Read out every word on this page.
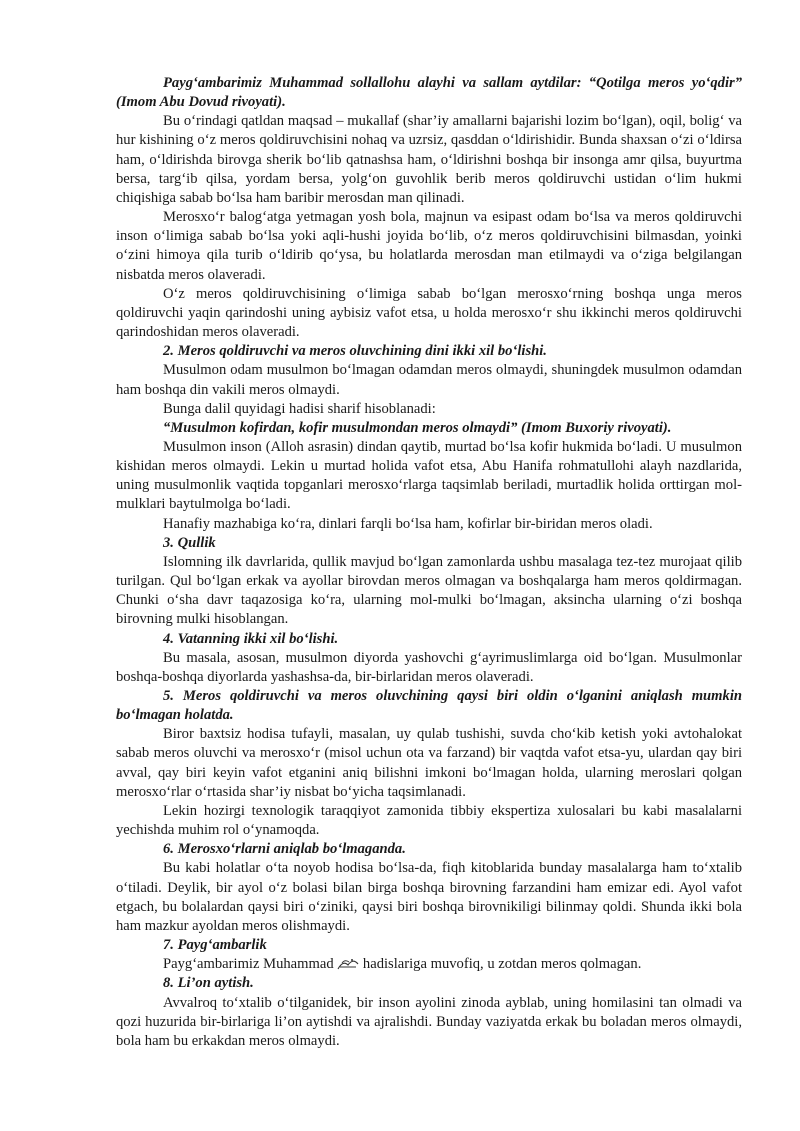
Payg‘ambarimiz Muhammad sollallohu alayhi va sallam aytdilar: “Qotilga meros yo‘qdir” (Imom Abu Dovud rivoyati).

Bu o‘rindagi qatldan maqsad – mukallaf (shar’iy amallarni bajarishi lozim bo‘lgan), oqil, bolig‘ va hur kishining o‘z meros qoldiruvchisini nohaq va uzrsiz, qasddan o‘ldirishidir. Bunda shaxsan o‘zi o‘ldirsa ham, o‘ldirishda birovga sherik bo‘lib qatnashsa ham, o‘ldirishni boshqa bir insonga amr qilsa, buyurtma bersa, targ‘ib qilsa, yordam bersa, yolg‘on guvohlik berib meros qoldiruvchi ustidan o‘lim hukmi chiqishiga sabab bo‘lsa ham baribir merosdan man qilinadi.

Merosxo‘r balog‘atga yetmagan yosh bola, majnun va esipast odam bo‘lsa va meros qoldiruvchi inson o‘limiga sabab bo‘lsa yoki aqli-hushi joyida bo‘lib, o‘z meros qoldiruvchisini bilmasdan, yoinki o‘zini himoya qila turib o‘ldirib qo‘ysa, bu holatlarda merosdan man etilmaydi va o‘ziga belgilangan nisbatda meros olaveradi.

O‘z meros qoldiruvchisining o‘limiga sabab bo‘lgan merosxo‘rning boshqa unga meros qoldiruvchi yaqin qarindoshi uning aybisiz vafot etsa, u holda merosxo‘r shu ikkinchi meros qoldiruvchi qarindoshidan meros olaveradi.

2. Meros qoldiruvchi va meros oluvchining dini ikki xil bo‘lishi.

Musulmon odam musulmon bo‘lmagan odamdan meros olmaydi, shuningdek musulmon odamdan ham boshqa din vakili meros olmaydi.

Bunga dalil quyidagi hadisi sharif hisoblanadi:

“Musulmon kofirdan, kofir musulmondan meros olmaydi” (Imom Buxoriy rivoyati).

Musulmon inson (Alloh asrasin) dindan qaytib, murtad bo‘lsa kofir hukmida bo‘ladi. U musulmon kishidan meros olmaydi. Lekin u murtad holida vafot etsa, Abu Hanifa rohmatullohi alayh nazdlarida, uning musulmonlik vaqtida topganlari merosxo‘rlarga taqsimlab beriladi, murtadlik holida orttirgan mol-mulklari baytulmolga bo‘ladi.

Hanafiy mazhabiga ko‘ra, dinlari farqli bo‘lsa ham, kofirlar bir-biridan meros oladi.

3. Qullik

Islomning ilk davrlarida, qullik mavjud bo‘lgan zamonlarda ushbu masalaga tez-tez murojaat qilib turilgan. Qul bo‘lgan erkak va ayollar birovdan meros olmagan va boshqalarga ham meros qoldirmagan. Chunki o‘sha davr taqazosiga ko‘ra, ularning mol-mulki bo‘lmagan, aksincha ularning o‘zi boshqa birovning mulki hisoblangan.

4. Vatanning ikki xil bo‘lishi.

Bu masala, asosan, musulmon diyorda yashovchi g‘ayrimuslimlarga oid bo‘lgan. Musulmonlar boshqa-boshqa diyorlarda yashashsa-da, bir-birlaridan meros olaveradi.

5. Meros qoldiruvchi va meros oluvchining qaysi biri oldin o‘lganini aniqlash mumkin bo‘lmagan holatda.

Biror baxtsiz hodisa tufayli, masalan, uy qulab tushishi, suvda cho‘kib ketish yoki avtohalokat sabab meros oluvchi va merosxo‘r (misol uchun ota va farzand) bir vaqtda vafot etsa-yu, ulardan qay biri avval, qay biri keyin vafot etganini aniq bilishni imkoni bo‘lmagan holda, ularning meroslari qolgan merosxo‘rlar o‘rtasida shar’iy nisbat bo‘yicha taqsimlanadi.

Lekin hozirgi texnologik taraqqiyot zamonida tibbiy ekspertiza xulosalari bu kabi masalalarni yechishda muhim rol o‘ynamoqda.

6. Merosxo‘rlarni aniqlab bo‘lmaganda.

Bu kabi holatlar o‘ta noyob hodisa bo‘lsa-da, fiqh kitoblarida bunday masalalarga ham to‘xtalib o‘tiladi. Deylik, bir ayol o‘z bolasi bilan birga boshqa birovning farzandini ham emizar edi. Ayol vafot etgach, bu bolalardan qaysi biri o‘ziniki, qaysi biri boshqa birovnikiligi bilinmay qoldi. Shunda ikki bola ham mazkur ayoldan meros olishmaydi.

7. Payg‘ambarlik

Payg‘ambarimiz Muhammad  hadislariga muvofiq, u zotdan meros qolmagan.

8. Li’on aytish.

Avvalroq to‘xtalib o‘tilganidek, bir inson ayolini zinoda ayblab, uning homilasini tan olmadi va qozi huzurida bir-birlariga li’on aytishdi va ajralishdi. Bunday vaziyatda erkak bu boladan meros olmaydi, bola ham bu erkakdan meros olmaydi.
